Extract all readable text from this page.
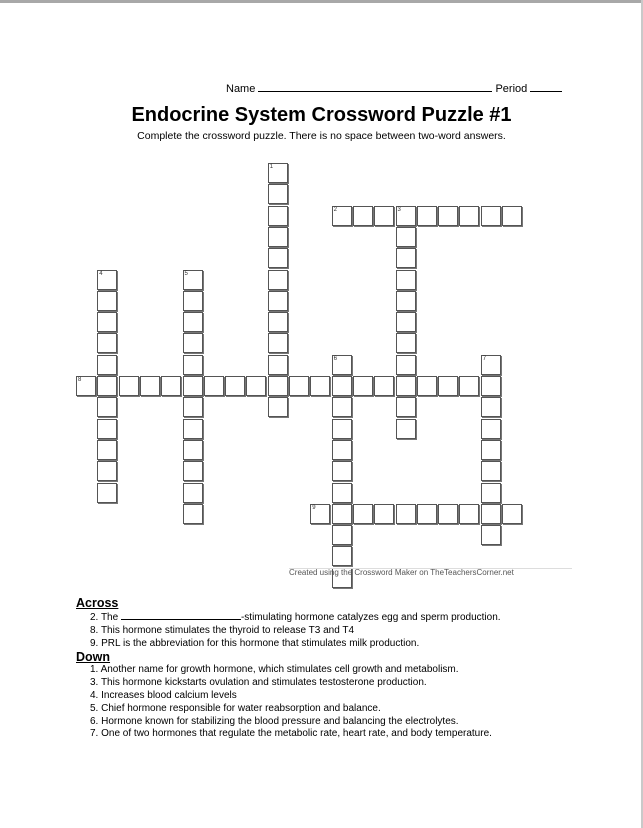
Name	Period
Endocrine System Crossword Puzzle #1
Complete the crossword puzzle. There is no space between two-word answers.
1
2	3
4	5
6	7
8
9
Created using the Crossword Maker on TheTeachersCorner.net
Across
2. The	-stimulating hormone catalyzes egg and sperm production.
8. This hormone stimulates the thyroid to release T3 and T4
9. PRL is the abbreviation for this hormone that stimulates milk production.
Down
1. Another name for growth hormone, which stimulates cell growth and metabolism.
3. This hormone kickstarts ovulation and stimulates testosterone production.
4. Increases blood calcium levels
5. Chief hormone responsible for water reabsorption and balance.
6. Hormone known for stabilizing the blood pressure and balancing the electrolytes.
7. One of two hormones that regulate the metabolic rate, heart rate, and body temperature.
